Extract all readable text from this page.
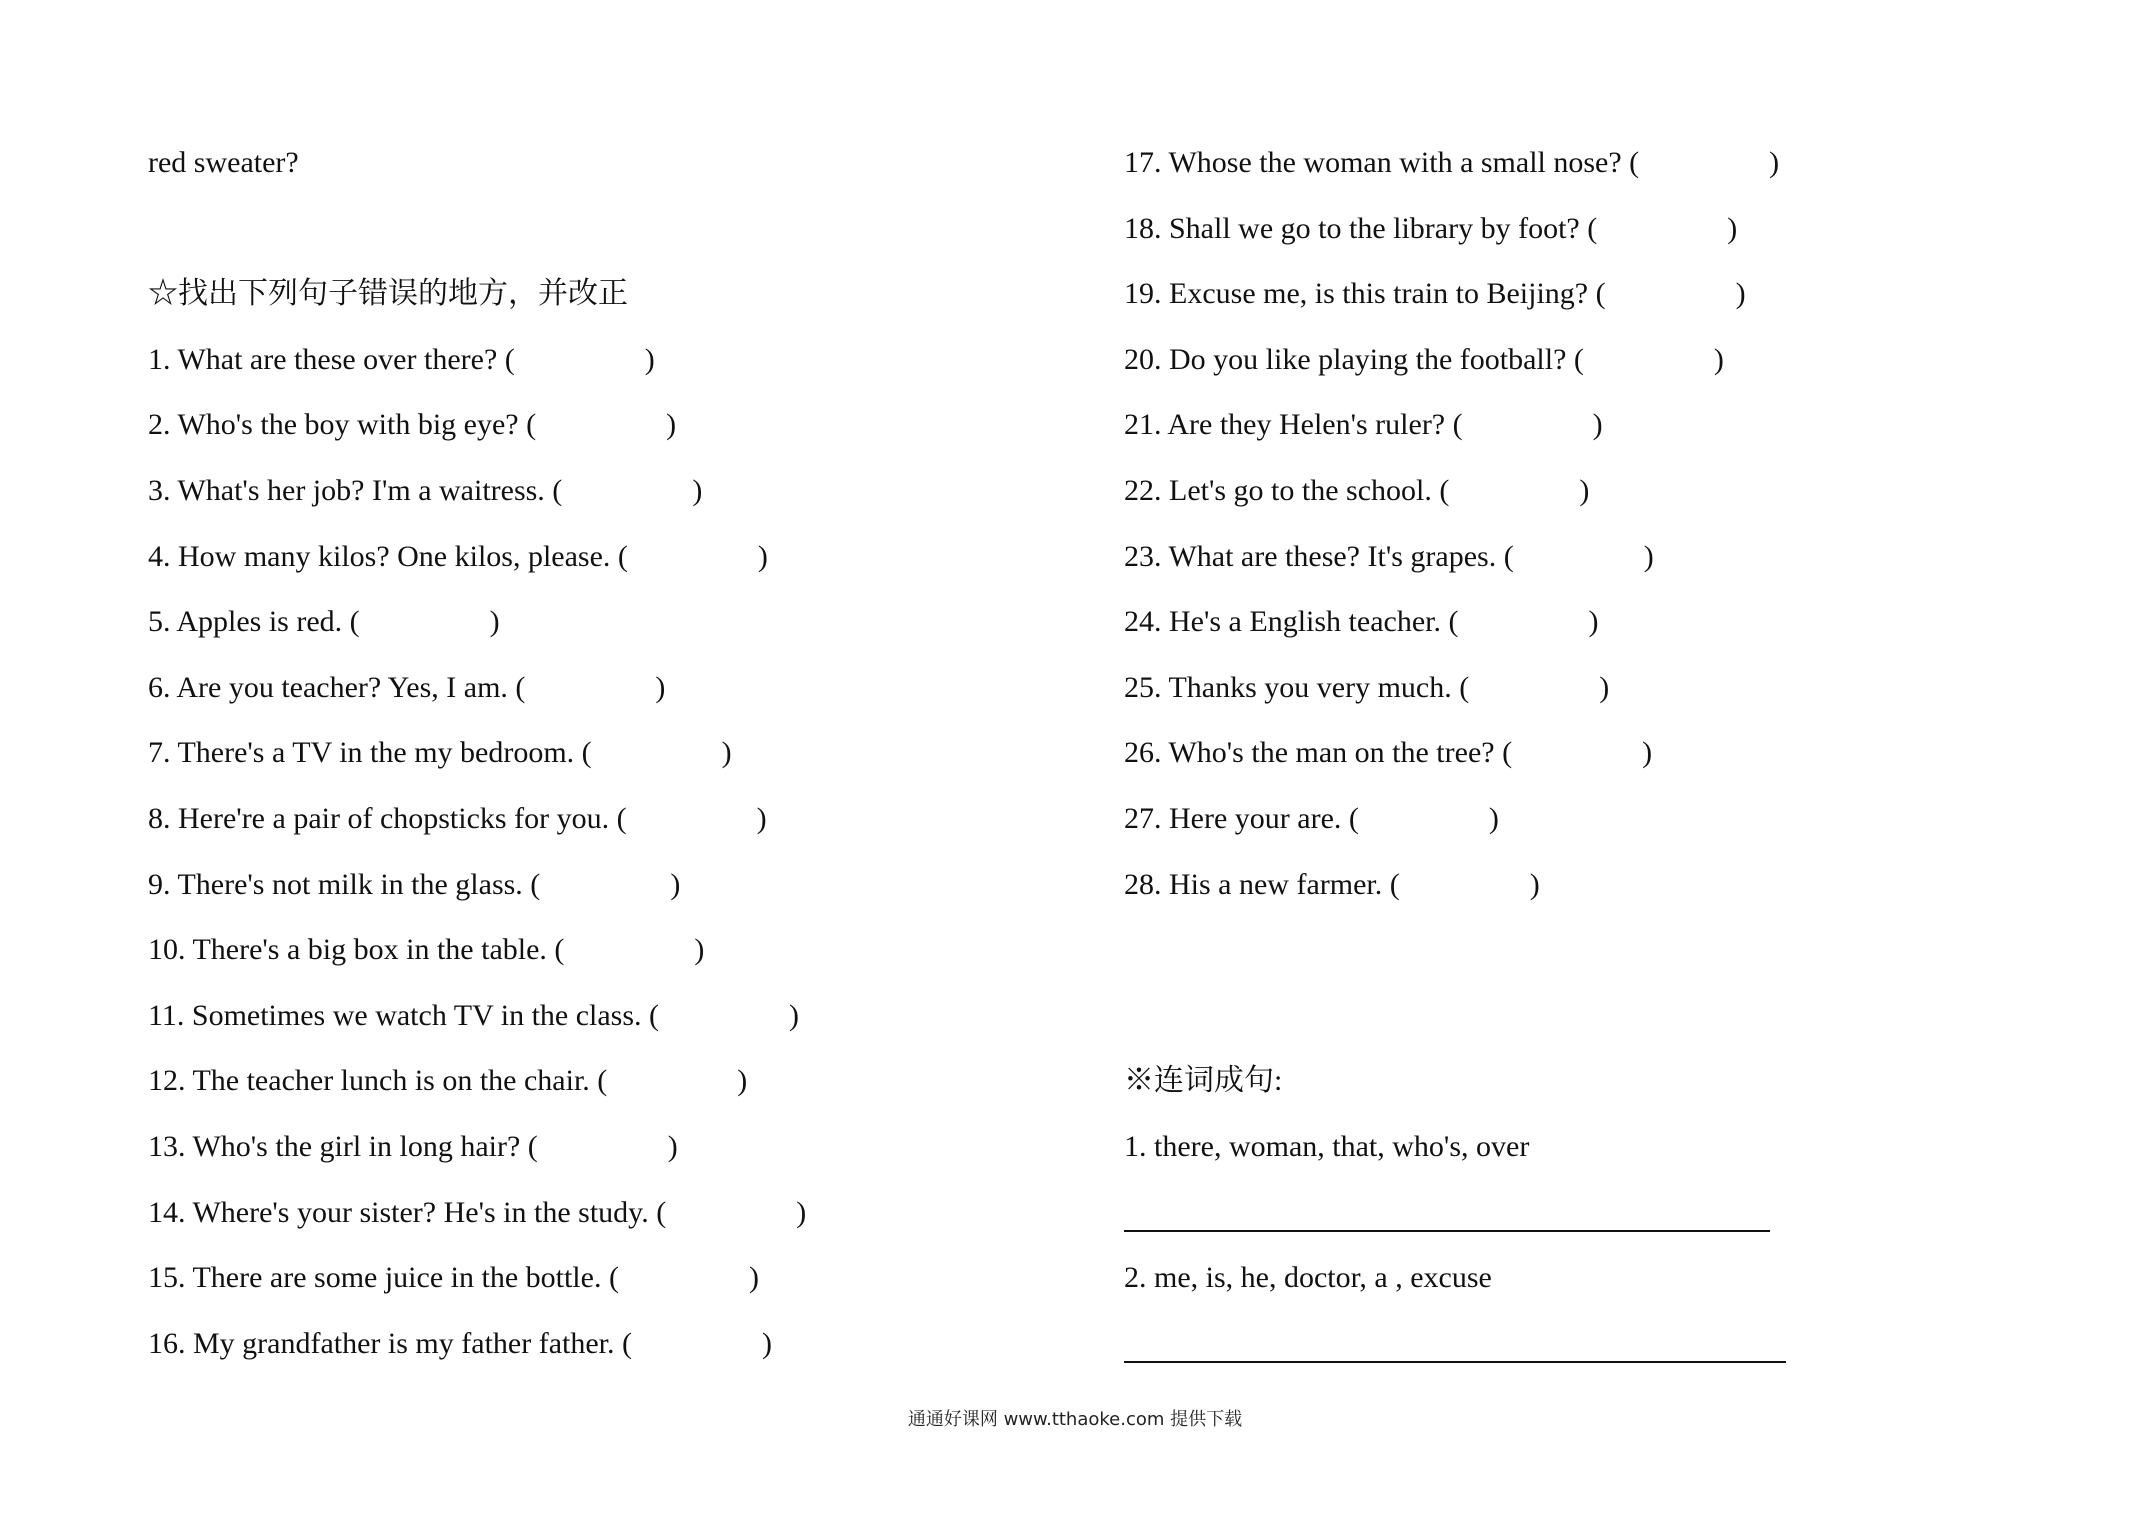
red sweater?
☆找出下列句子错误的地方，并改正
1. What are these over there? (	)
2. Who's the boy with big eye? (	)
3. What's her job? I'm a waitress. (	)
4. How many kilos? One kilos, please. (	)
5. Apples is red. (	)
6. Are you teacher? Yes, I am. (	)
7. There's a TV in the my bedroom. (	)
8. Here're a pair of chopsticks for you. (	)
9. There's not milk in the glass. (	)
10. There's a big box in the table. (	)
11. Sometimes we watch TV in the class. (	)
12. The teacher lunch is on the chair. (	)
13. Who's the girl in long hair? (	)
14. Where's your sister? He's in the study. (	)
15. There are some juice in the bottle. (	)
16. My grandfather is my father father. (	)
17. Whose the woman with a small nose? (	)
18. Shall we go to the library by foot? (	)
19. Excuse me, is this train to Beijing? (	)
20. Do you like playing the football? (	)
21. Are they Helen's ruler? (	)
22. Let's go to the school. (	)
23. What are these? It's grapes. (	)
24. He's a English teacher. (	)
25. Thanks you very much. (	)
26. Who's the man on the tree? (	)
27. Here your are. (	)
28. His a new farmer. (	)
※连词成句:
1. there, woman, that, who's, over
2. me, is, he, doctor, a , excuse
通通好课网 www.tthaoke.com 提供下载
